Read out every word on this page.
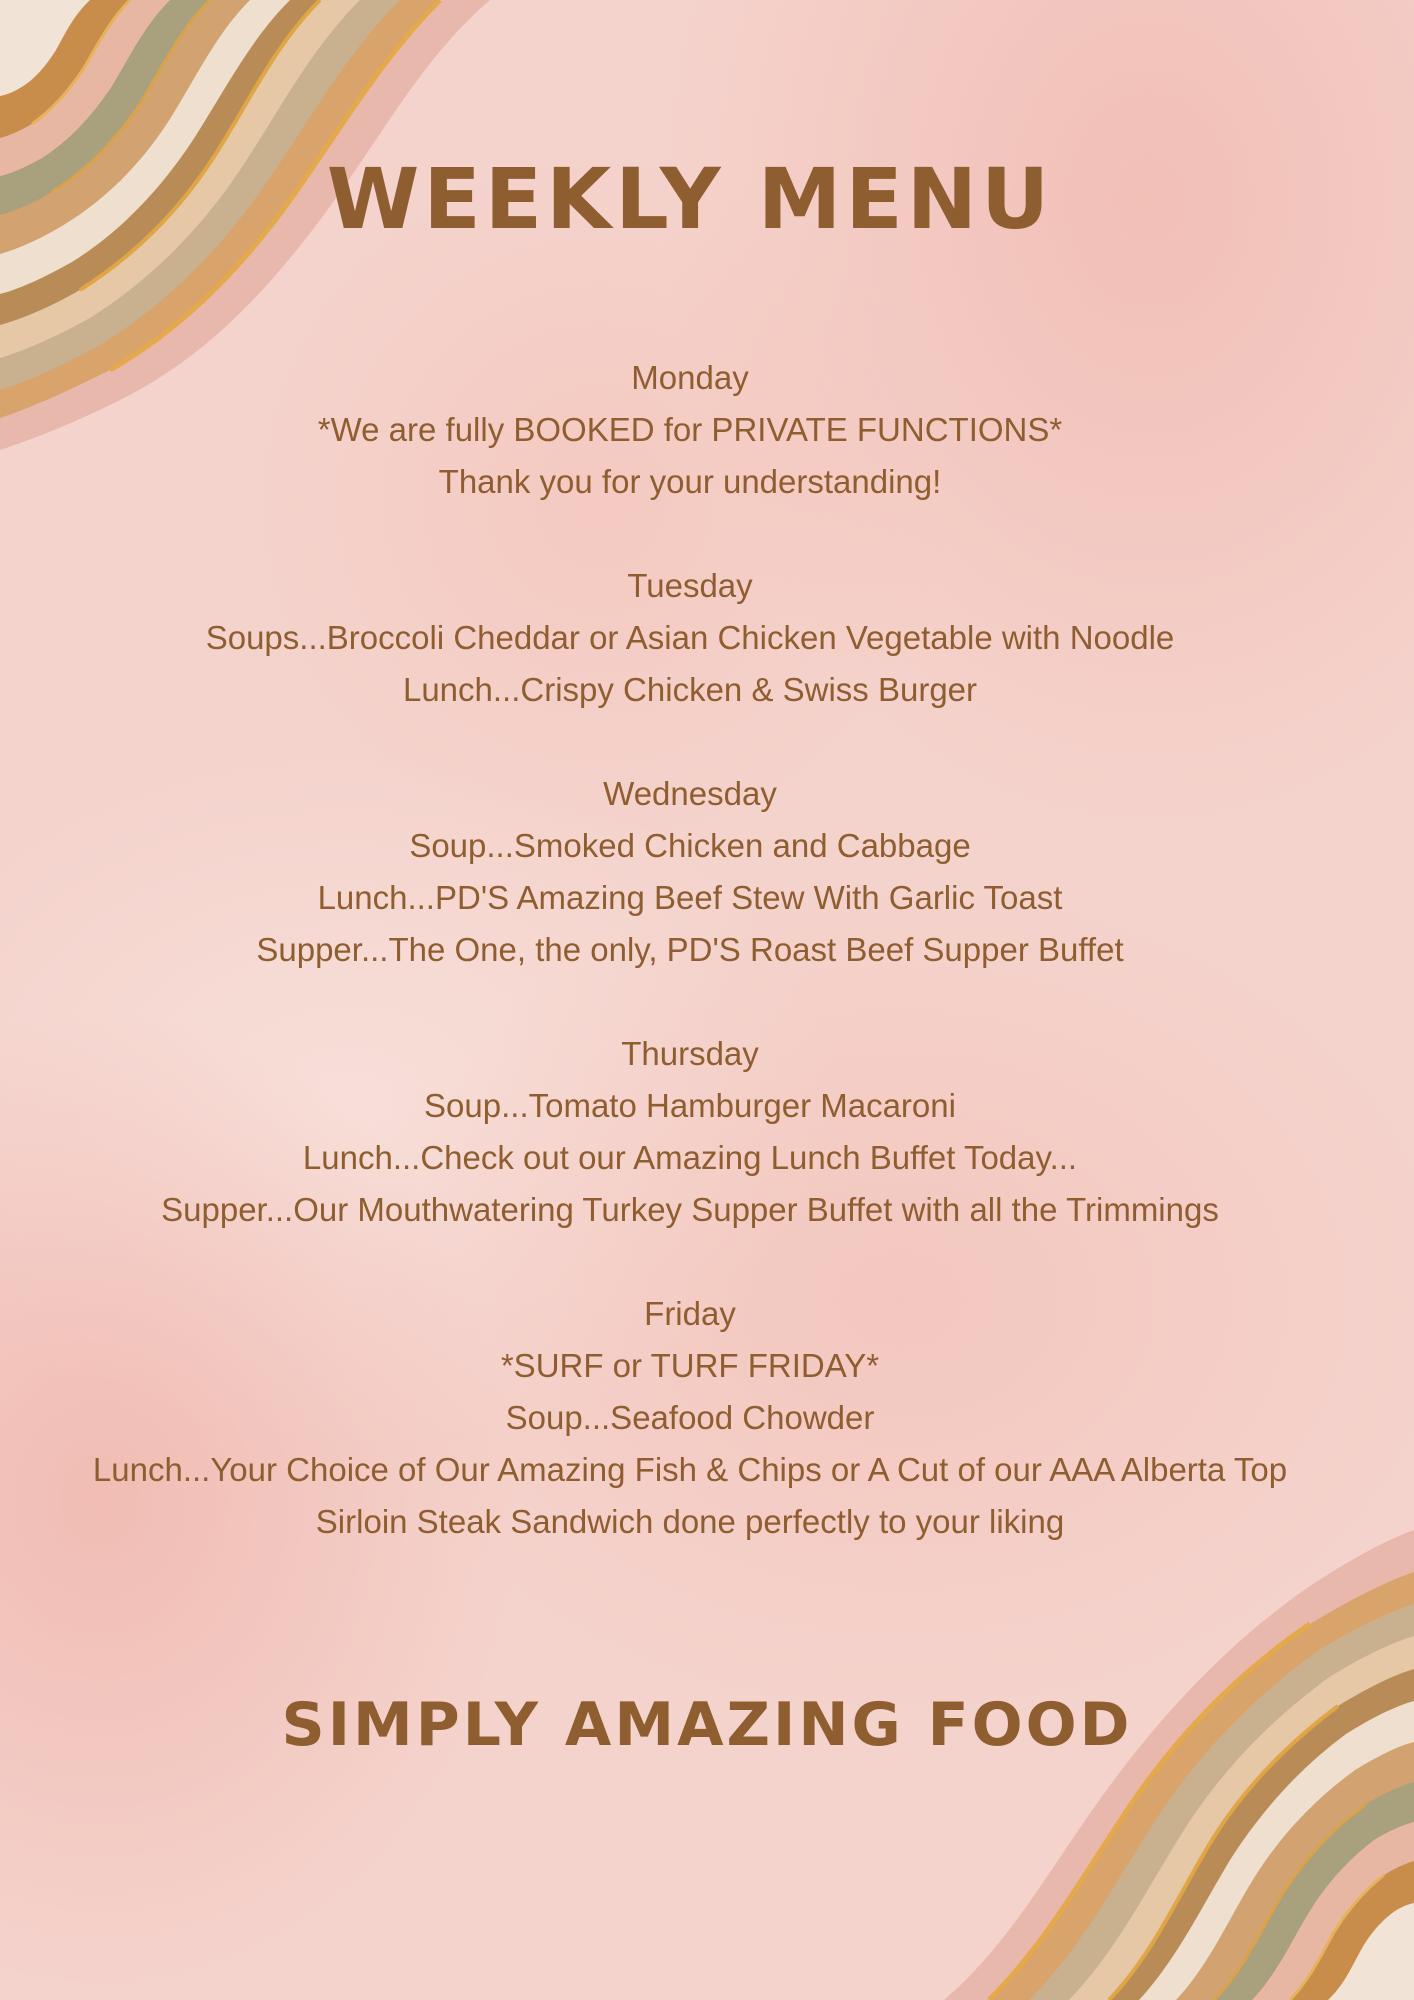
WEEKLY MENU

Monday

*We are fully BOOKED for PRIVATE FUNCTIONS*

Thank you for your understanding!

Tuesday

Soups...Broccoli Cheddar or Asian Chicken Vegetable with Noodle

Lunch...Crispy Chicken & Swiss Burger

Wednesday

Soup...Smoked Chicken and Cabbage

Lunch...PD'S Amazing Beef Stew With Garlic Toast

Supper...The One, the only, PD'S Roast Beef Supper Buffet

Thursday

Soup...Tomato Hamburger Macaroni

Lunch...Check out our Amazing Lunch Buffet Today...

Supper...Our Mouthwatering Turkey Supper Buffet with all the Trimmings

Friday

*SURF or TURF FRIDAY*

Soup...Seafood Chowder

Lunch...Your Choice of Our Amazing Fish & Chips or A Cut of our AAA Alberta Top

Sirloin Steak Sandwich done perfectly to your liking

SIMPLY AMAZING FOOD
